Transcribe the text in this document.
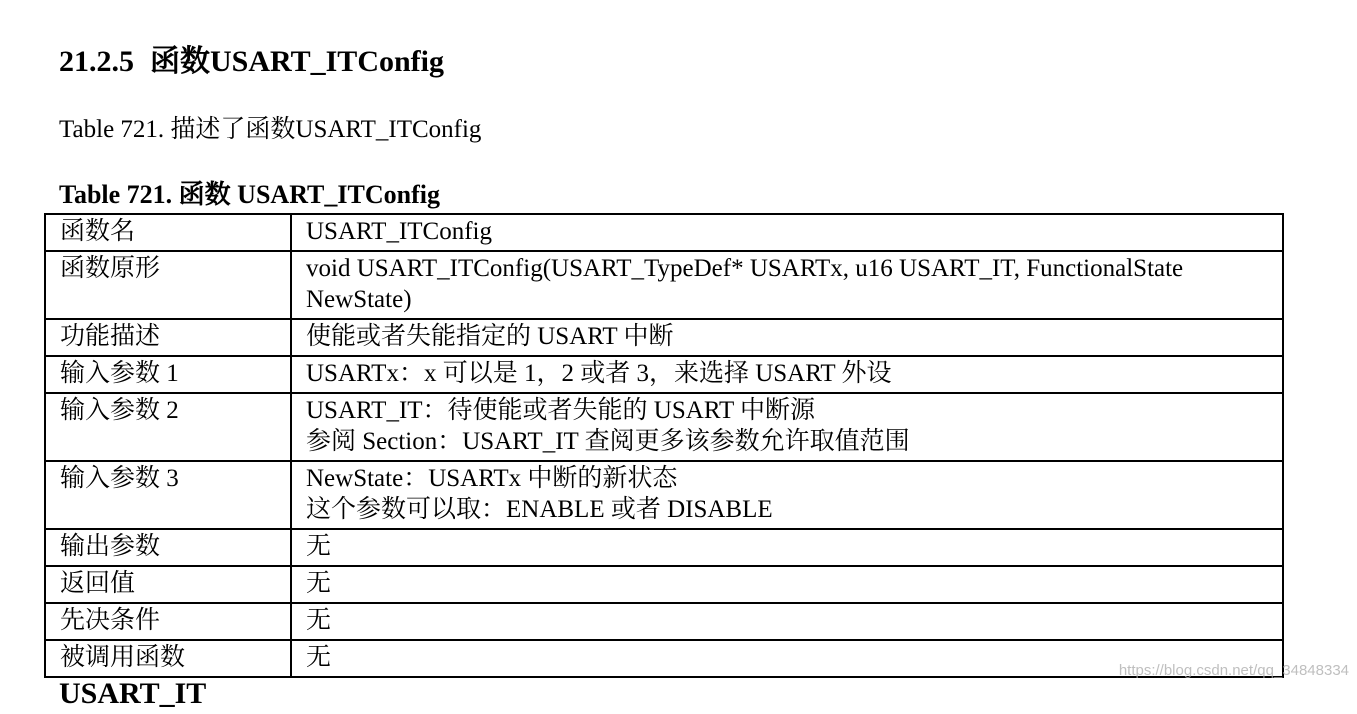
21.2.5 函数USART_ITConfig

Table 721. 描述了函数USART_ITConfig

Table 721. 函数 USART_ITConfig

函数名	USART_ITConfig

函数原形	void USART_ITConfig(USART_TypeDef* USARTx, u16 USART_IT, FunctionalState NewState)

功能描述	使能或者失能指定的 USART 中断

输入参数 1	USARTx：x 可以是 1，2 或者 3，来选择 USART 外设

输入参数 2	USART_IT：待使能或者失能的 USART 中断源
参阅 Section：USART_IT 查阅更多该参数允许取值范围

输入参数 3	NewState：USARTx 中断的新状态
这个参数可以取：ENABLE 或者 DISABLE

输出参数	无

返回值	无

先决条件	无

被调用函数	无
USART_IT
https://blog.csdn.net/qq_34848334
